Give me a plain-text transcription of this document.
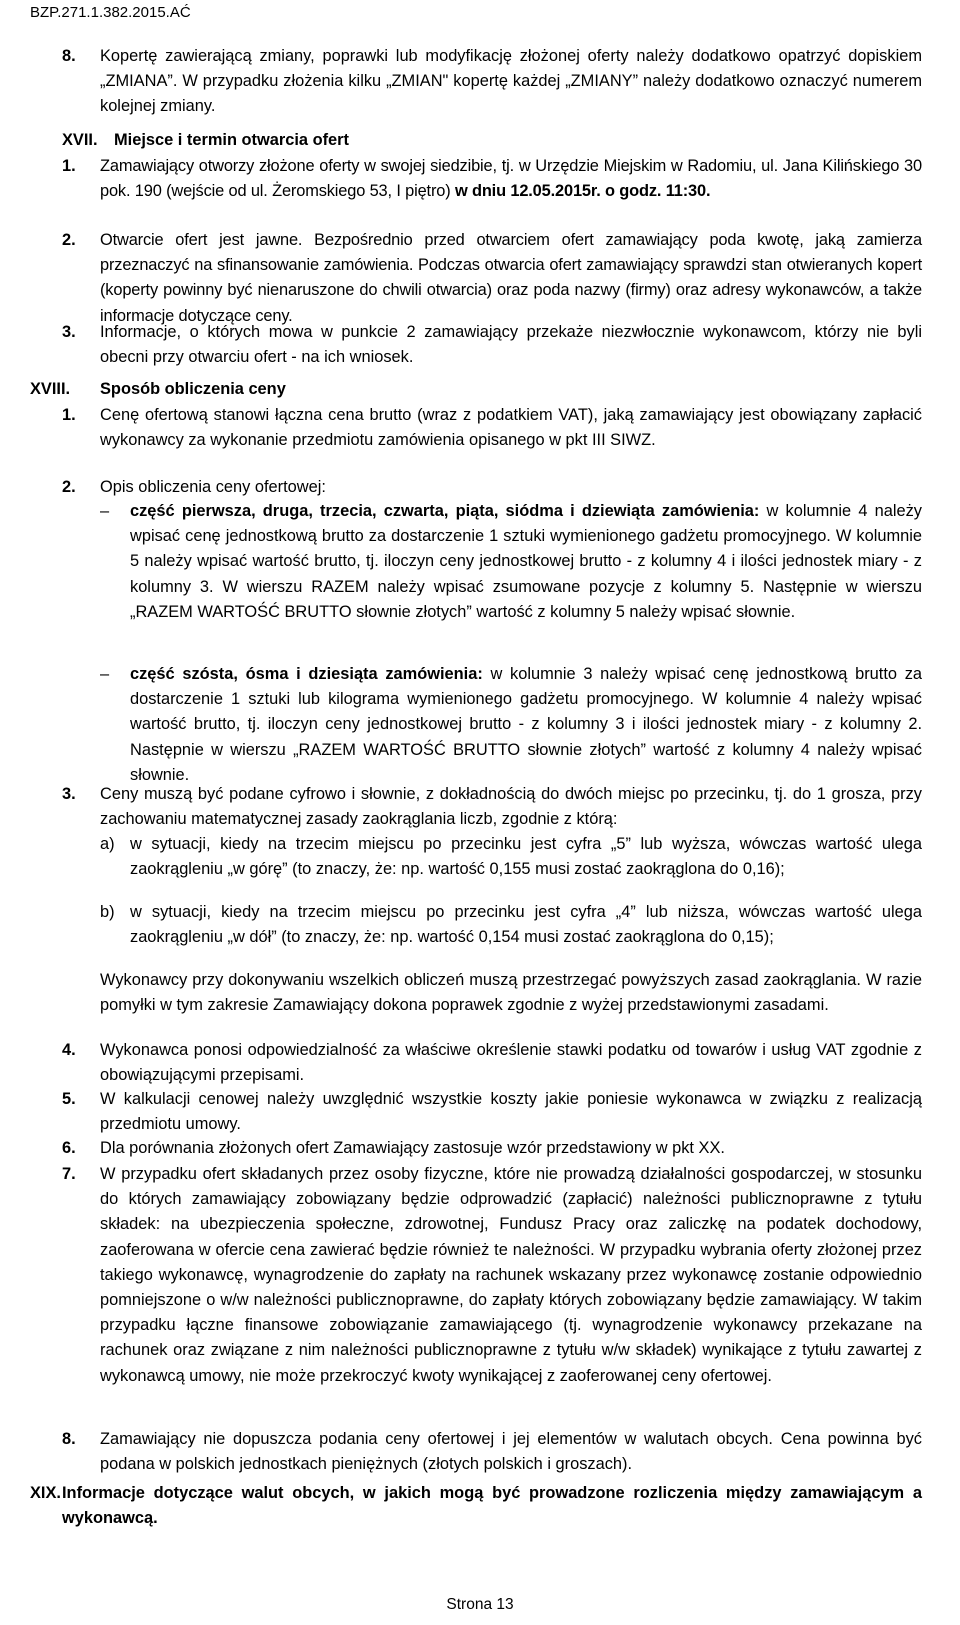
BZP.271.1.382.2015.AĆ
8. Kopertę zawierającą zmiany, poprawki lub modyfikację złożonej oferty należy dodatkowo opatrzyć dopiskiem „ZMIANA”. W przypadku złożenia kilku „ZMIAN" kopertę każdej „ZMIANY” należy dodatkowo oznaczyć numerem kolejnej zmiany.
XVII. Miejsce i termin otwarcia ofert
1. Zamawiający otworzy złożone oferty w swojej siedzibie, tj. w Urzędzie Miejskim w Radomiu, ul. Jana Kilińskiego 30 pok. 190 (wejście od ul. Żeromskiego 53, I piętro) w dniu 12.05.2015r. o godz. 11:30.
2. Otwarcie ofert jest jawne. Bezpośrednio przed otwarciem ofert zamawiający poda kwotę, jaką zamierza przeznaczyć na sfinansowanie zamówienia. Podczas otwarcia ofert zamawiający sprawdzi stan otwieranych kopert (koperty powinny być nienaruszone do chwili otwarcia) oraz poda nazwy (firmy) oraz adresy wykonawców, a także informacje dotyczące ceny.
3. Informacje, o których mowa w punkcie 2 zamawiający przekaże niezwłocznie wykonawcom, którzy nie byli obecni przy otwarciu ofert - na ich wniosek.
XVIII. Sposób obliczenia ceny
1. Cenę ofertową stanowi łączna cena brutto (wraz z podatkiem VAT), jaką zamawiający jest obowiązany zapłacić wykonawcy za wykonanie przedmiotu zamówienia opisanego w pkt III SIWZ.
2. Opis obliczenia ceny ofertowej:
– część pierwsza, druga, trzecia, czwarta, piąta, siódma i dziewiąta zamówienia: w kolumnie 4 należy wpisać cenę jednostkową brutto za dostarczenie 1 sztuki wymienionego gadżetu promocyjnego. W kolumnie 5 należy wpisać wartość brutto, tj. iloczyn ceny jednostkowej brutto - z kolumny 4 i ilości jednostek miary - z kolumny 3. W wierszu RAZEM należy wpisać zsumowane pozycje z kolumny 5. Następnie w wierszu „RAZEM WARTOŚĆ BRUTTO słownie złotych” wartość z kolumny 5 należy wpisać słownie.
– część szósta, ósma i dziesiąta zamówienia: w kolumnie 3 należy wpisać cenę jednostkową brutto za dostarczenie 1 sztuki lub kilograma wymienionego gadżetu promocyjnego. W kolumnie 4 należy wpisać wartość brutto, tj. iloczyn ceny jednostkowej brutto - z kolumny 3 i ilości jednostek miary - z kolumny 2. Następnie w wierszu „RAZEM WARTOŚĆ BRUTTO słownie złotych” wartość z kolumny 4 należy wpisać słownie.
3. Ceny muszą być podane cyfrowo i słownie, z dokładnością do dwóch miejsc po przecinku, tj. do 1 grosza, przy zachowaniu matematycznej zasady zaokrąglania liczb, zgodnie z którą:
a) w sytuacji, kiedy na trzecim miejscu po przecinku jest cyfra „5” lub wyższa, wówczas wartość ulega zaokrągleniu „w górę” (to znaczy, że: np. wartość 0,155 musi zostać zaokrąglona do 0,16);
b) w sytuacji, kiedy na trzecim miejscu po przecinku jest cyfra „4” lub niższa, wówczas wartość ulega zaokrągleniu „w dół” (to znaczy, że: np. wartość 0,154 musi zostać zaokrąglona do 0,15);
Wykonawcy przy dokonywaniu wszelkich obliczeń muszą przestrzegać powyższych zasad zaokrąglania. W razie pomyłki w tym zakresie Zamawiający dokona poprawek zgodnie z wyżej przedstawionymi zasadami.
4. Wykonawca ponosi odpowiedzialność za właściwe określenie stawki podatku od towarów i usług VAT zgodnie z obowiązującymi przepisami.
5. W kalkulacji cenowej należy uwzględnić wszystkie koszty jakie poniesie wykonawca w związku z realizacją przedmiotu umowy.
6. Dla porównania złożonych ofert Zamawiający zastosuje wzór przedstawiony w pkt XX.
7. W przypadku ofert składanych przez osoby fizyczne, które nie prowadzą działalności gospodarczej, w stosunku do których zamawiający zobowiązany będzie odprowadzić (zapłacić) należności publicznoprawne z tytułu składek: na ubezpieczenia społeczne, zdrowotnej, Fundusz Pracy oraz zaliczkę na podatek dochodowy, zaoferowana w ofercie cena zawierać będzie również te należności. W przypadku wybrania oferty złożonej przez takiego wykonawcę, wynagrodzenie do zapłaty na rachunek wskazany przez wykonawcę zostanie odpowiednio pomniejszone o w/w należności publicznoprawne, do zapłaty których zobowiązany będzie zamawiający. W takim przypadku łączne finansowe zobowiązanie zamawiającego (tj. wynagrodzenie wykonawcy przekazane na rachunek oraz związane z nim należności publicznoprawne z tytułu w/w składek) wynikające z tytułu zawartej z wykonawcą umowy, nie może przekroczyć kwoty wynikającej z zaoferowanej ceny ofertowej.
8. Zamawiający nie dopuszcza podania ceny ofertowej i jej elementów w walutach obcych. Cena powinna być podana w polskich jednostkach pieniężnych (złotych polskich i groszach).
XIX. Informacje dotyczące walut obcych, w jakich mogą być prowadzone rozliczenia między zamawiającym a wykonawcą.
Strona 13
